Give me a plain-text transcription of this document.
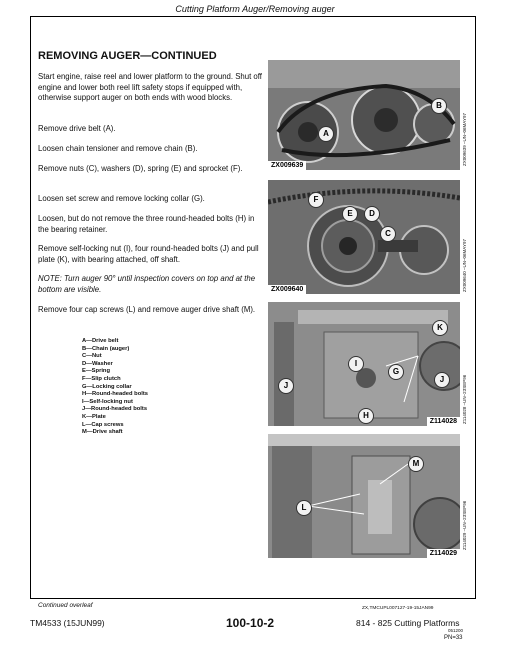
Cutting Platform Auger/Removing auger
REMOVING AUGER—CONTINUED
Start engine, raise reel and lower platform to the ground. Shut off engine and lower both reel lift safety stops if equipped with, otherwise support auger on both ends with wood blocks.
Remove drive belt (A).
Loosen chain tensioner and remove chain (B).
Remove nuts (C), washers (D), spring (E) and sprocket (F).
Loosen set screw and remove locking collar (G).
Loosen, but do not remove the three round-headed bolts (H) in the bearing retainer.
Remove self-locking nut (I), four round-headed bolts (J) and pull plate (K), with bearing attached, off shaft.
NOTE: Turn auger 90° until inspection covers on top and at the bottom are visible.
Remove four cap screws (L) and remove auger drive shaft (M).
A—Drive belt
B—Chain (auger)
C—Nut
D—Washer
E—Spring
F—Slip clutch
G—Locking collar
H—Round-headed bolts
I—Self-locking nut
J—Round-headed bolts
K—Plate
L—Cap screws
M—Drive shaft
A
B
ZX009639	ZX009639 –UN–06MAY97
F
E	D
C
ZX009640	ZX009640 –UN–06MAY97
K
I
G
J
J
H
Z114028	Z114028 –UN–23SEP96
M
L
Z114029
Z114029 –UN–23SEP96
Continued overleaf	ZX,TMCUPL007127-19-15JAN99
TM4533 (15JUN99)	100-10-2	814 - 825 Cutting Platforms
051200
PN=33
